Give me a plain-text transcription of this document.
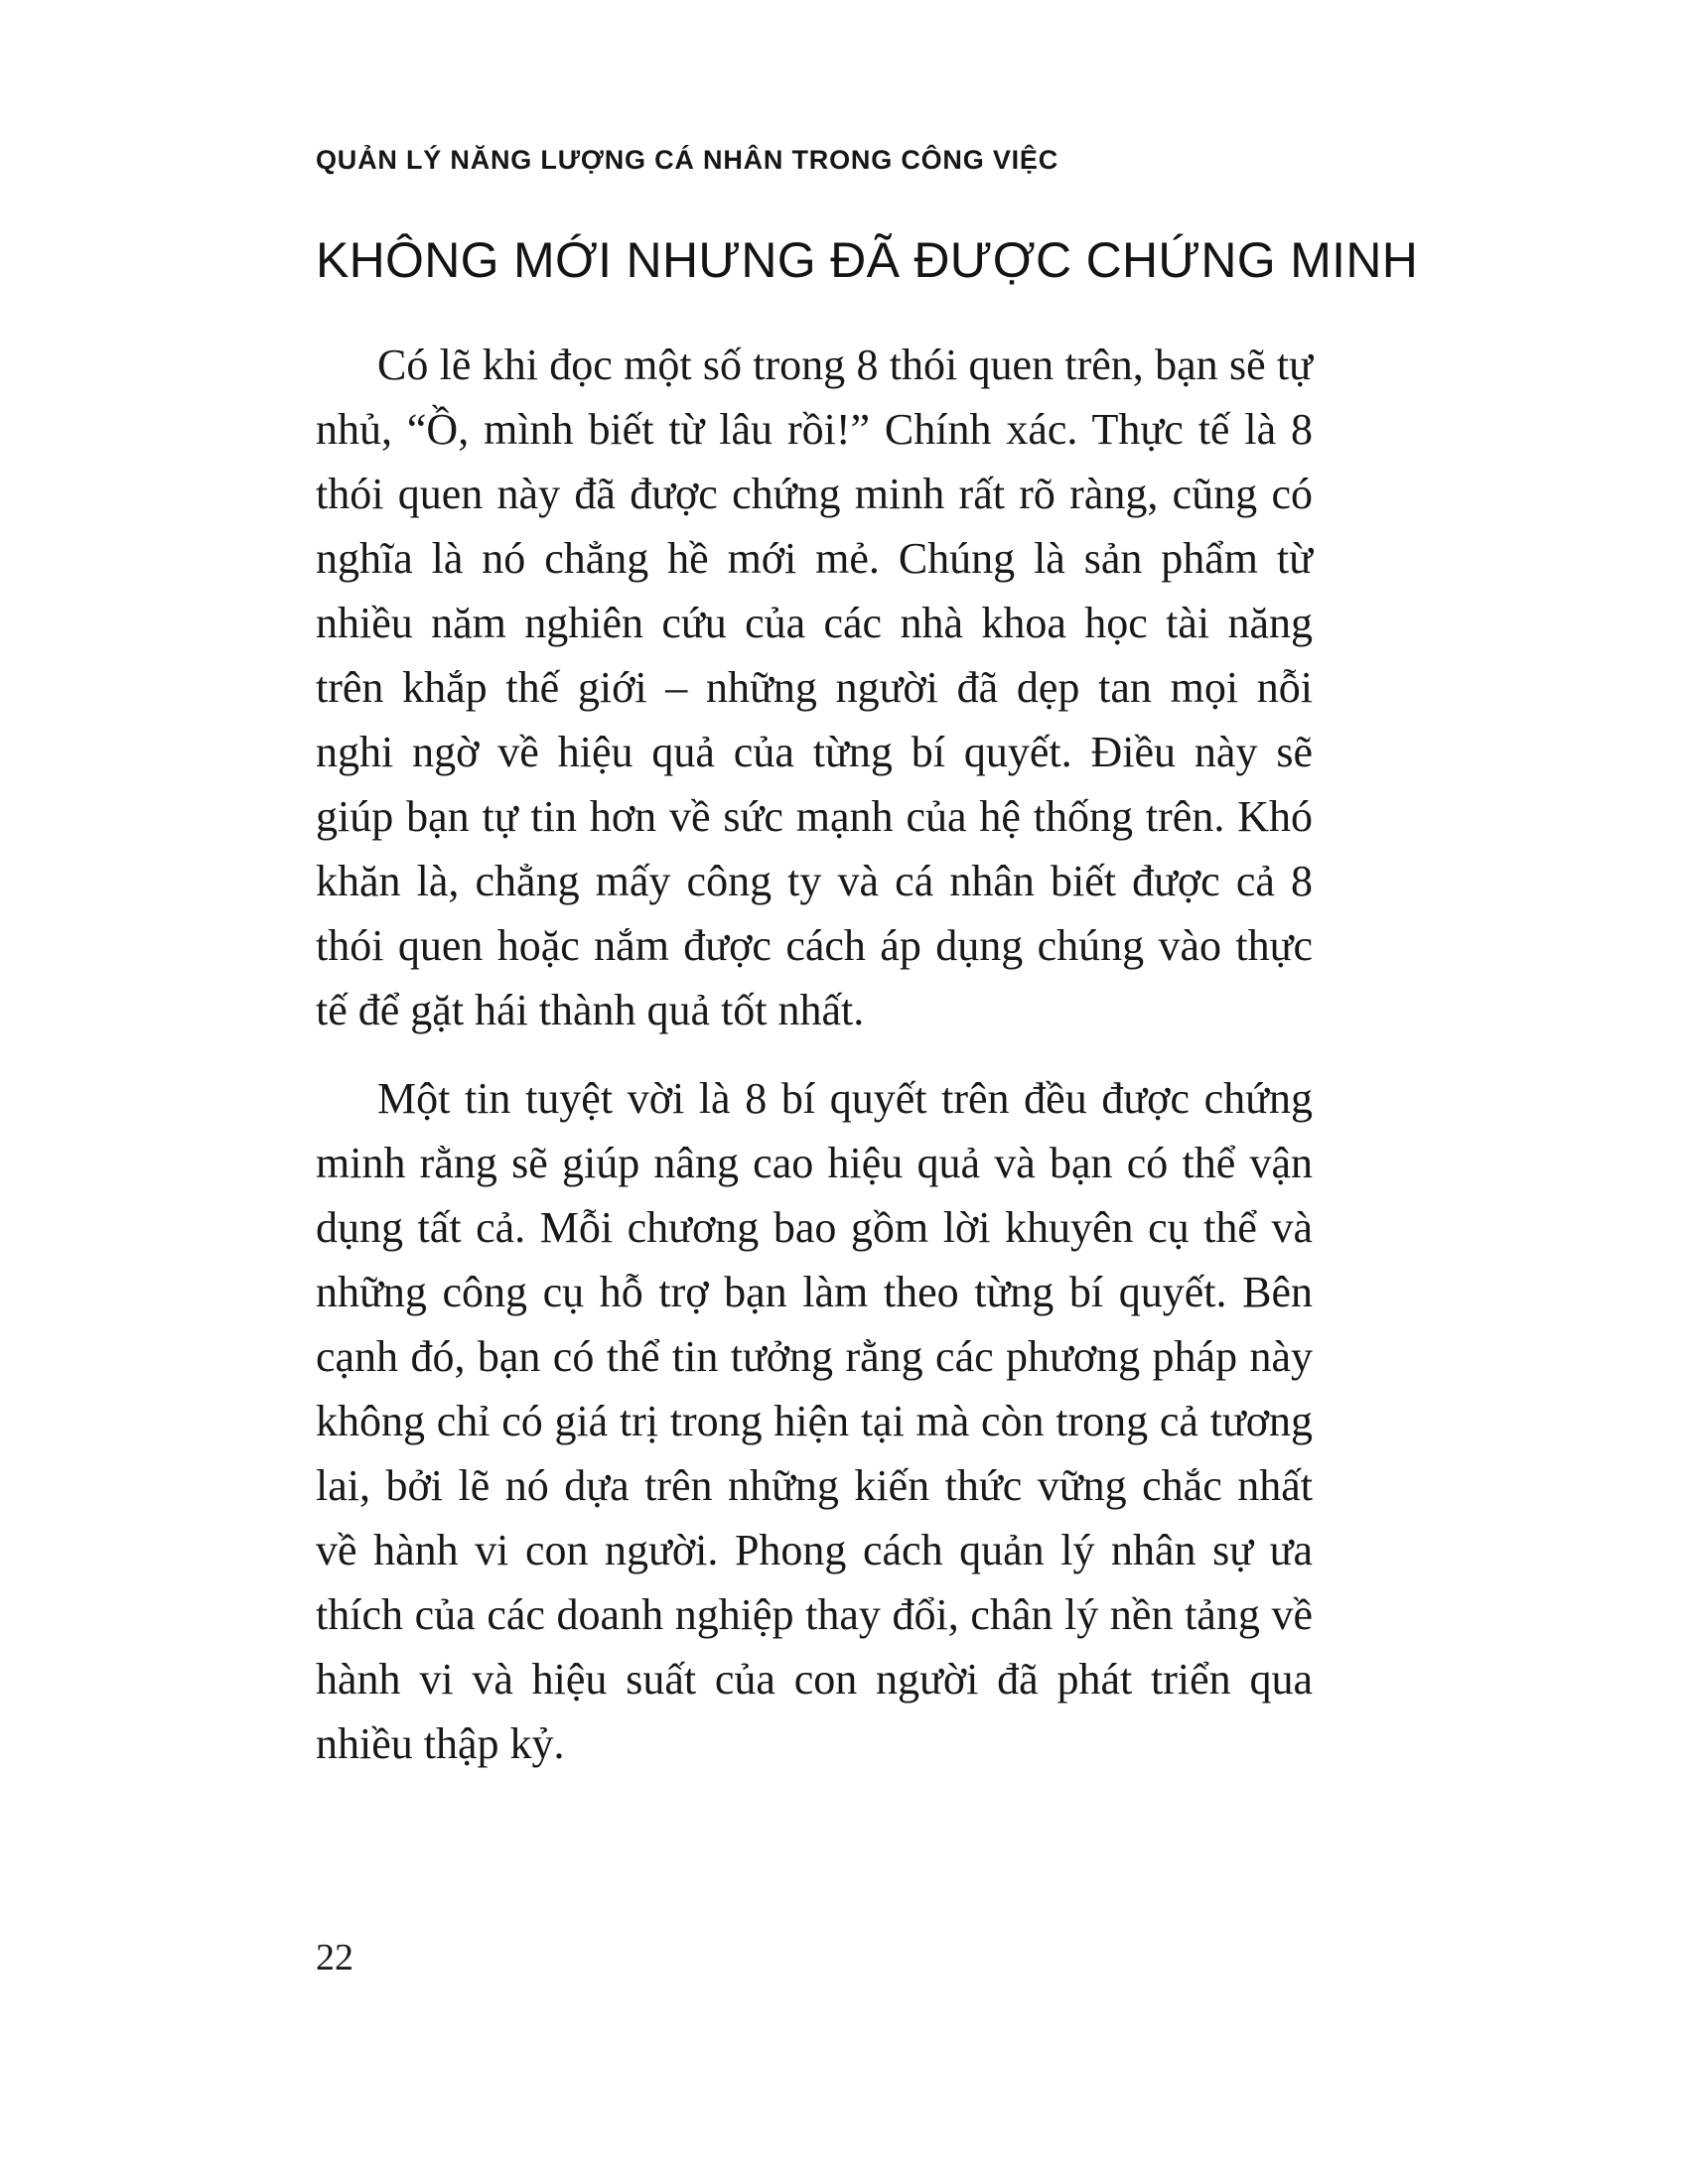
QUẢN LÝ NĂNG LƯỢNG CÁ NHÂN TRONG CÔNG VIỆC
KHÔNG MỚI NHƯNG ĐÃ ĐƯỢC CHỨNG MINH

Có lẽ khi đọc một số trong 8 thói quen trên, bạn sẽ tự nhủ, “Ồ, mình biết từ lâu rồi!” Chính xác. Thực tế là 8 thói quen này đã được chứng minh rất rõ ràng, cũng có nghĩa là nó chẳng hề mới mẻ. Chúng là sản phẩm từ nhiều năm nghiên cứu của các nhà khoa học tài năng trên khắp thế giới – những người đã dẹp tan mọi nỗi nghi ngờ về hiệu quả của từng bí quyết. Điều này sẽ giúp bạn tự tin hơn về sức mạnh của hệ thống trên. Khó khăn là, chẳng mấy công ty và cá nhân biết được cả 8 thói quen hoặc nắm được cách áp dụng chúng vào thực tế để gặt hái thành quả tốt nhất.

Một tin tuyệt vời là 8 bí quyết trên đều được chứng minh rằng sẽ giúp nâng cao hiệu quả và bạn có thể vận dụng tất cả. Mỗi chương bao gồm lời khuyên cụ thể và những công cụ hỗ trợ bạn làm theo từng bí quyết. Bên cạnh đó, bạn có thể tin tưởng rằng các phương pháp này không chỉ có giá trị trong hiện tại mà còn trong cả tương lai, bởi lẽ nó dựa trên những kiến thức vững chắc nhất về hành vi con người. Phong cách quản lý nhân sự ưa thích của các doanh nghiệp thay đổi, chân lý nền tảng về hành vi và hiệu suất của con người đã phát triển qua nhiều thập kỷ.

22
